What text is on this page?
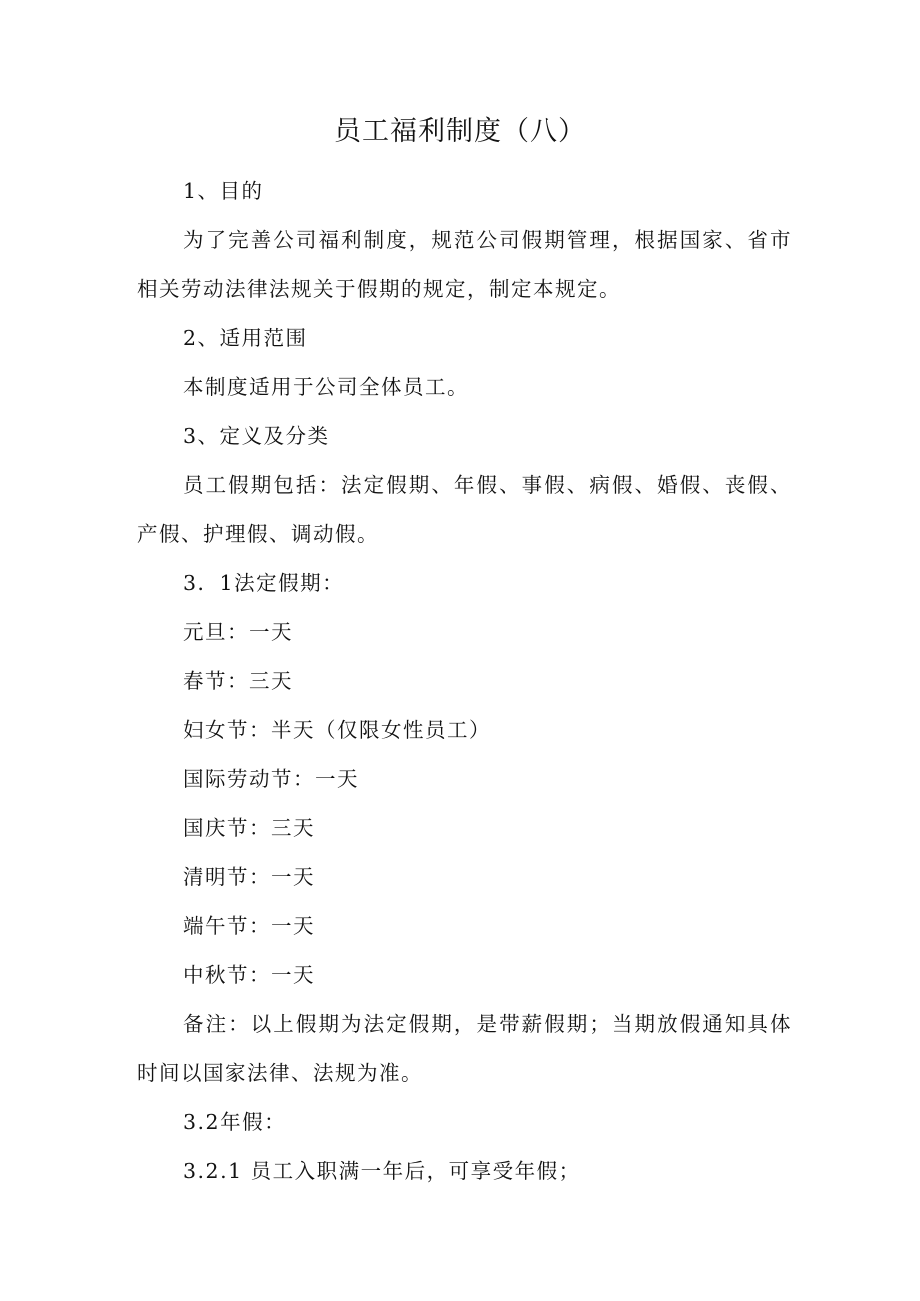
员工福利制度（八）

1、目的

为了完善公司福利制度，规范公司假期管理，根据国家、省市相关劳动法律法规关于假期的规定，制定本规定。

2、适用范围

本制度适用于公司全体员工。

3、定义及分类

员工假期包括：法定假期、年假、事假、病假、婚假、丧假、产假、护理假、调动假。

3．1法定假期：

元旦：一天

春节：三天

妇女节：半天（仅限女性员工）

国际劳动节：一天

国庆节：三天

清明节：一天

端午节：一天

中秋节：一天

备注：以上假期为法定假期，是带薪假期；当期放假通知具体时间以国家法律、法规为准。

3.2年假：

3.2.1 员工入职满一年后，可享受年假；
